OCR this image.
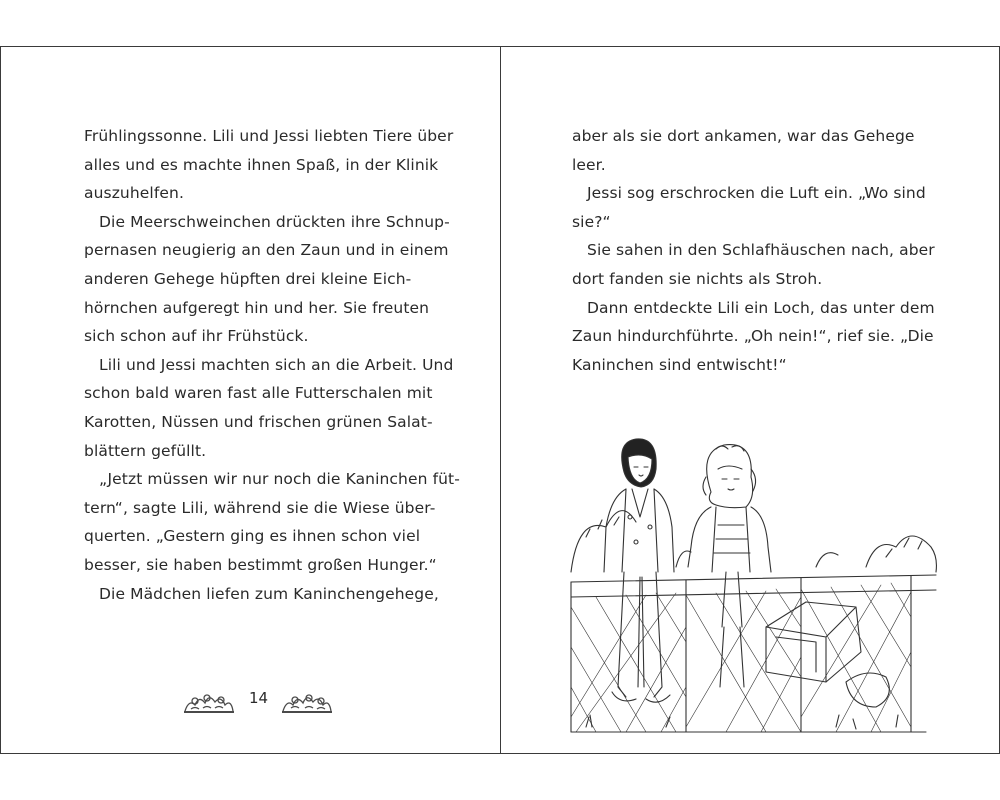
Frühlingssonne. Lili und Jessi liebten Tiere über
alles und es machte ihnen Spaß, in der Klinik
auszuhelfen.
Die Meerschweinchen drückten ihre Schnup-
pernasen neugierig an den Zaun und in einem
anderen Gehege hüpften drei kleine Eich-
hörnchen aufgeregt hin und her. Sie freuten
sich schon auf ihr Frühstück.
Lili und Jessi machten sich an die Arbeit. Und
schon bald waren fast alle Futterschalen mit
Karotten, Nüssen und frischen grünen Salat-
blättern gefüllt.
„Jetzt müssen wir nur noch die Kaninchen füt-
tern“, sagte Lili, während sie die Wiese über-
querten. „Gestern ging es ihnen schon viel
besser, sie haben bestimmt großen Hunger.“
Die Mädchen liefen zum Kaninchengehege,
14
aber als sie dort ankamen, war das Gehege
leer.
Jessi sog erschrocken die Luft ein. „Wo sind
sie?“
Sie sahen in den Schlafhäuschen nach, aber
dort fanden sie nichts als Stroh.
Dann entdeckte Lili ein Loch, das unter dem
Zaun hindurchführte. „Oh nein!“, rief sie. „Die
Kaninchen sind entwischt!“
